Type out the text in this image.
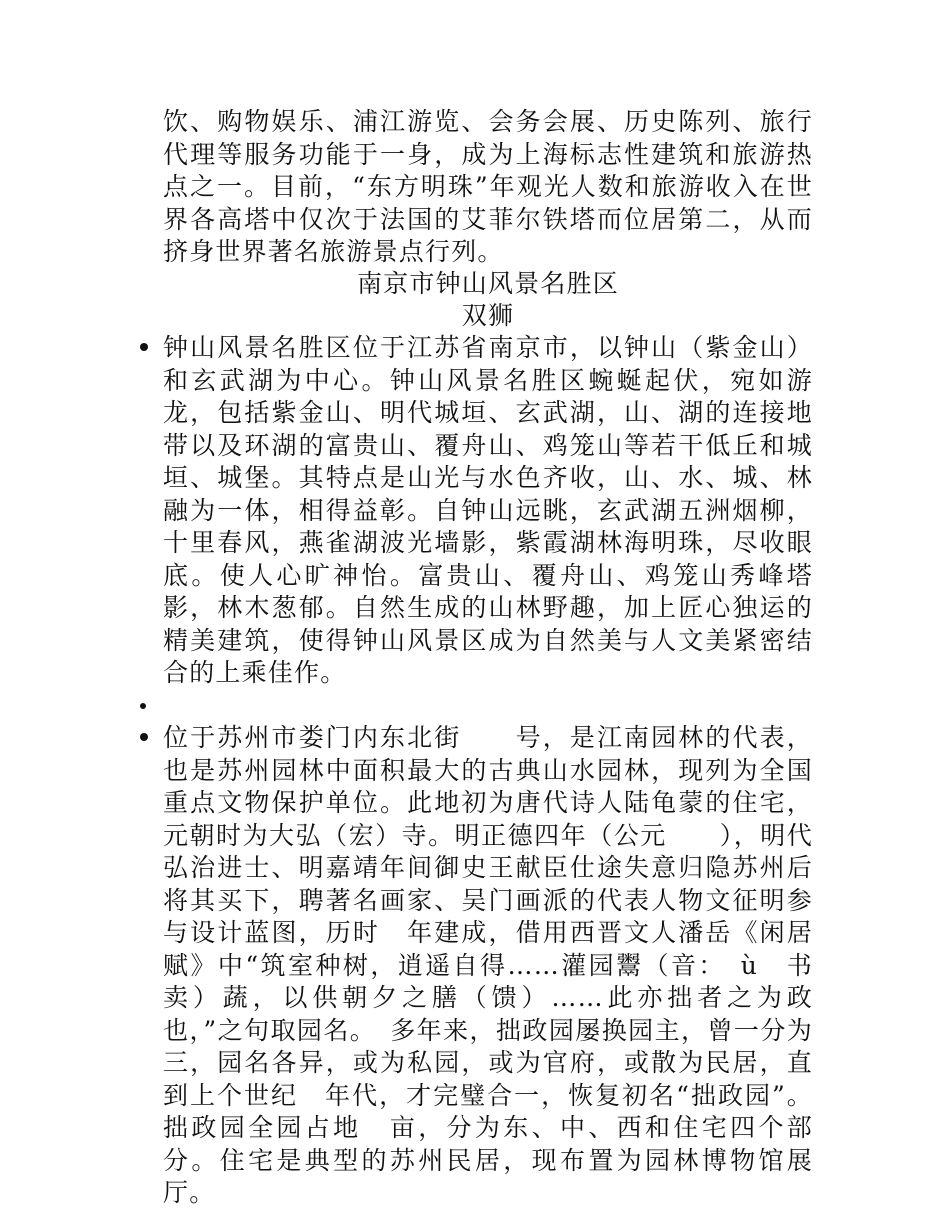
饮、购物娱乐、浦江游览、会务会展、历史陈列、旅行代理等服务功能于一身，成为上海标志性建筑和旅游热点之一。目前，“东方明珠”年观光人数和旅游收入在世界各高塔中仅次于法国的艾菲尔铁塔而位居第二，从而挤身世界著名旅游景点行列。
南京市钟山风景名胜区
双狮
钟山风景名胜区位于江苏省南京市，以钟山（紫金山）和玄武湖为中心。钟山风景名胜区蜿蜒起伏，宛如游龙，包括紫金山、明代城垣、玄武湖，山、湖的连接地带以及环湖的富贵山、覆舟山、鸡笼山等若干低丘和城垣、城堡。其特点是山光与水色齐收，山、水、城、林融为一体，相得益彰。自钟山远眺，玄武湖五洲烟柳，十里春风，燕雀湖波光墙影，紫霞湖林海明珠，尽收眼底。使人心旷神怡。富贵山、覆舟山、鸡笼山秀峰塔影，林木葱郁。自然生成的山林野趣，加上匠心独运的精美建筑，使得钟山风景区成为自然美与人文美紧密结合的上乘佳作。
位于苏州市娄门内东北街　　号，是江南园林的代表，也是苏州园林中面积最大的古典山水园林，现列为全国重点文物保护单位。此地初为唐代诗人陆龟蒙的住宅，元朝时为大弘（宏）寺。明正德四年（公元　　），明代弘治进士、明嘉靖年间御史王献臣仕途失意归隐苏州后将其买下，聘著名画家、吴门画派的代表人物文征明参与设计蓝图，历时　年建成，借用西晋文人潘岳《闲居赋》中“筑室种树，逍遥自得……灌园鬻（音：　ù　书　卖）蔬，以供朝夕之膳（馈）……此亦拙者之为政也，”之句取园名。　多年来，拙政园屡换园主，曾一分为三，园名各异，或为私园，或为官府，或散为民居，直到上个世纪　年代，才完璧合一，恢复初名“拙政园”。拙政园全园占地　亩，分为东、中、西和住宅四个部分。住宅是典型的苏州民居，现布置为园林博物馆展厅。
